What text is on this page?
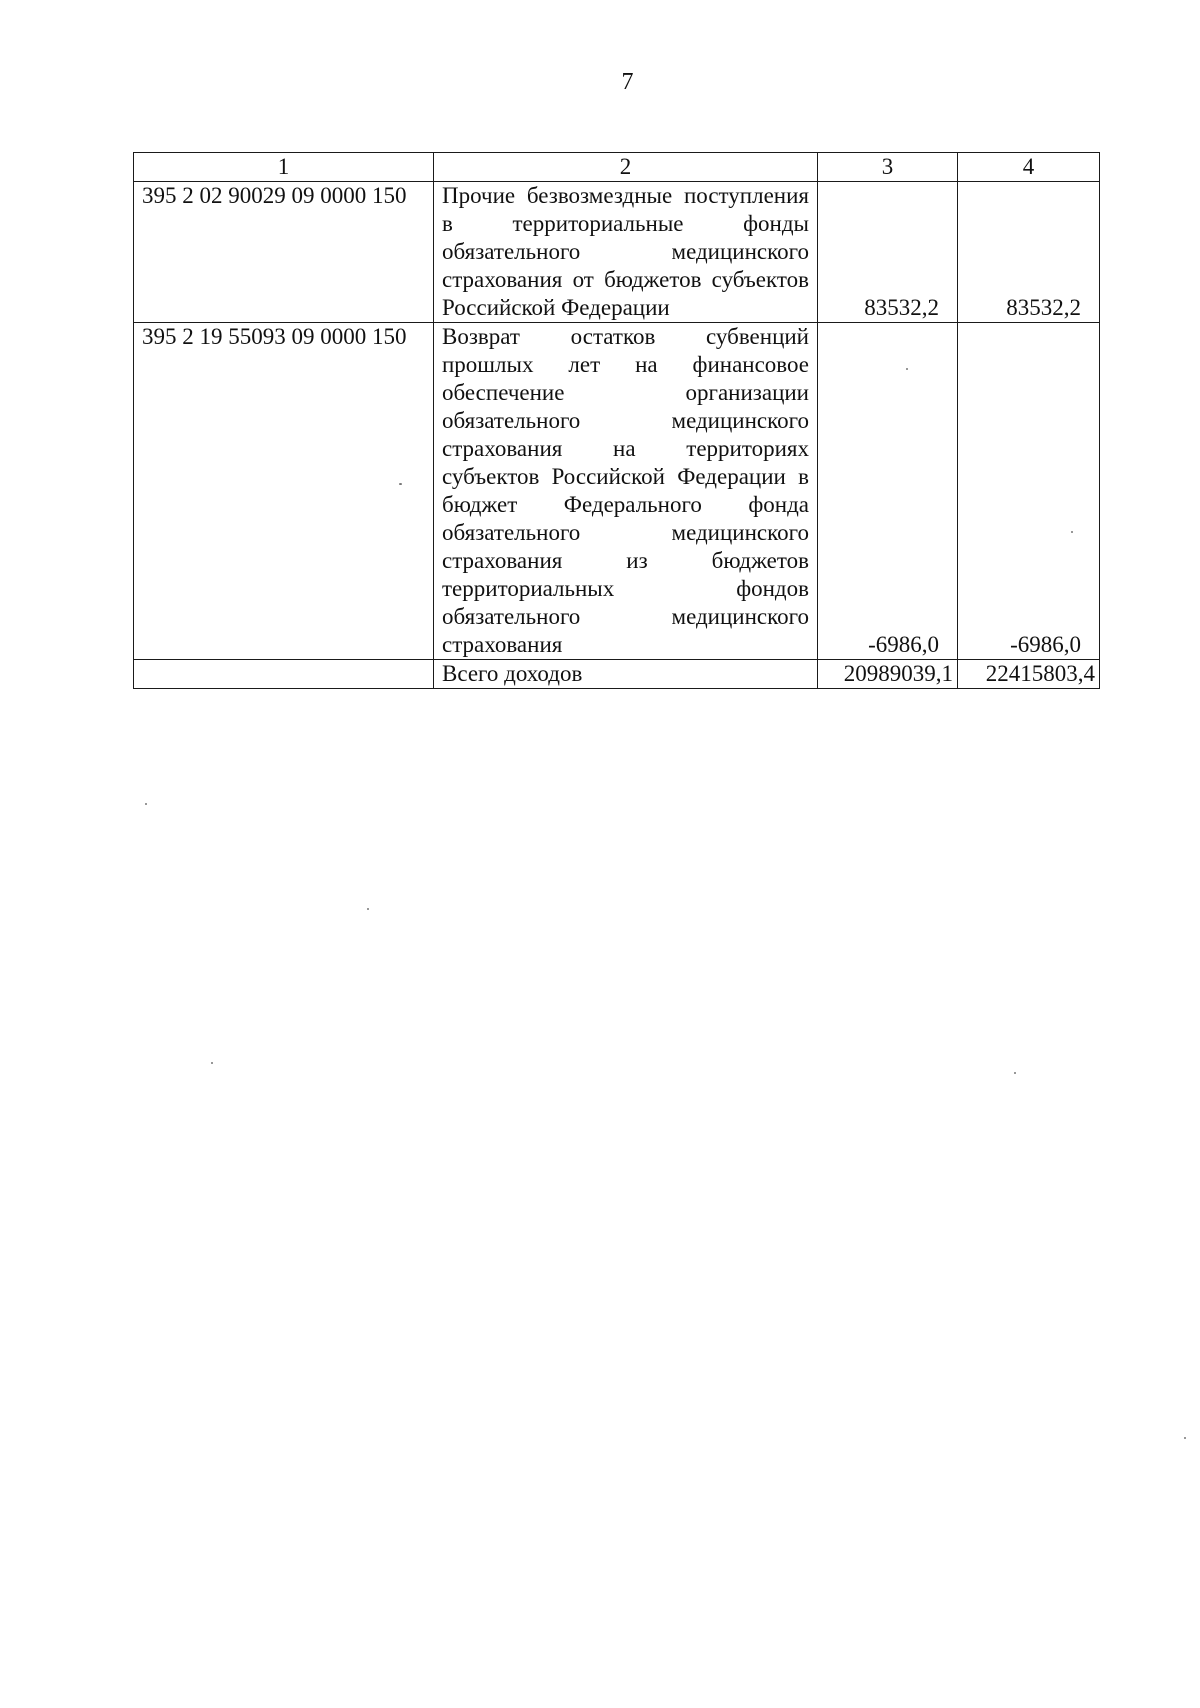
7
1	2	3	4
395 2 02 90029 09 0000 150	Прочие безвозмездные поступления в территориальные фонды обязательного медицинского страхования от бюджетов субъектов Российской Федерации	83532,2	83532,2
395 2 19 55093 09 0000 150	Возврат остатков субвенций прошлых лет на финансовое обеспечение организации обязательного медицинского страхования на территориях субъектов Российской Федерации в бюджет Федерального фонда обязательного медицинского страхования из бюджетов территориальных фондов обязательного медицинского страхования	-6986,0	-6986,0
	Всего доходов	20989039,1	22415803,4
